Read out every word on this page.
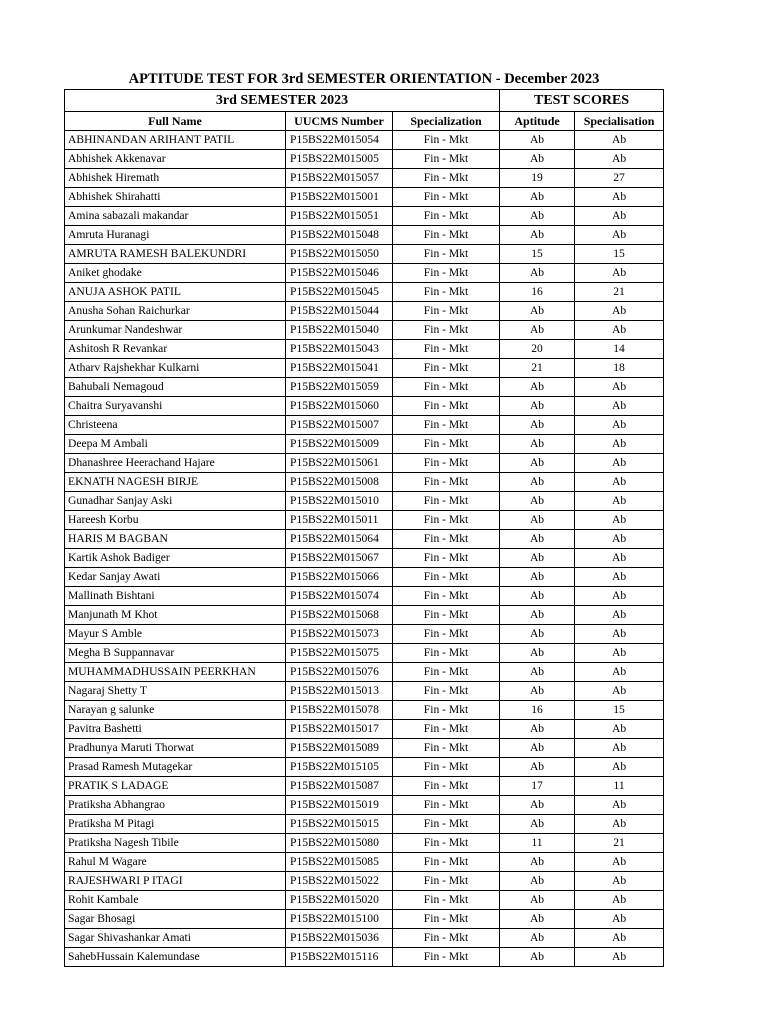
APTITUDE TEST FOR 3rd SEMESTER ORIENTATION - December 2023
3rd SEMESTER 2023			TEST SCORES	
Full Name	UUCMS Number	Specialization	Aptitude	Specialisation
ABHINANDAN ARIHANT PATIL	P15BS22M015054	Fin - Mkt	Ab	Ab
Abhishek Akkenavar	P15BS22M015005	Fin - Mkt	Ab	Ab
Abhishek Hiremath	P15BS22M015057	Fin - Mkt	19	27
Abhishek Shirahatti	P15BS22M015001	Fin - Mkt	Ab	Ab
Amina sabazali makandar	P15BS22M015051	Fin - Mkt	Ab	Ab
Amruta Huranagi	P15BS22M015048	Fin - Mkt	Ab	Ab
AMRUTA RAMESH BALEKUNDRI	P15BS22M015050	Fin - Mkt	15	15
Aniket ghodake	P15BS22M015046	Fin - Mkt	Ab	Ab
ANUJA ASHOK PATIL	P15BS22M015045	Fin - Mkt	16	21
Anusha Sohan Raichurkar	P15BS22M015044	Fin - Mkt	Ab	Ab
Arunkumar Nandeshwar	P15BS22M015040	Fin - Mkt	Ab	Ab
Ashitosh R Revankar	P15BS22M015043	Fin - Mkt	20	14
Atharv Rajshekhar Kulkarni	P15BS22M015041	Fin - Mkt	21	18
Bahubali Nemagoud	P15BS22M015059	Fin - Mkt	Ab	Ab
Chaitra Suryavanshi	P15BS22M015060	Fin - Mkt	Ab	Ab
Christeena	P15BS22M015007	Fin - Mkt	Ab	Ab
Deepa M Ambali	P15BS22M015009	Fin - Mkt	Ab	Ab
Dhanashree Heerachand Hajare	P15BS22M015061	Fin - Mkt	Ab	Ab
EKNATH NAGESH BIRJE	P15BS22M015008	Fin - Mkt	Ab	Ab
Gunadhar Sanjay Aski	P15BS22M015010	Fin - Mkt	Ab	Ab
Hareesh Korbu	P15BS22M015011	Fin - Mkt	Ab	Ab
HARIS M BAGBAN	P15BS22M015064	Fin - Mkt	Ab	Ab
Kartik Ashok Badiger	P15BS22M015067	Fin - Mkt	Ab	Ab
Kedar Sanjay Awati	P15BS22M015066	Fin - Mkt	Ab	Ab
Mallinath Bishtani	P15BS22M015074	Fin - Mkt	Ab	Ab
Manjunath M Khot	P15BS22M015068	Fin - Mkt	Ab	Ab
Mayur S Amble	P15BS22M015073	Fin - Mkt	Ab	Ab
Megha B Suppannavar	P15BS22M015075	Fin - Mkt	Ab	Ab
MUHAMMADHUSSAIN PEERKHAN	P15BS22M015076	Fin - Mkt	Ab	Ab
Nagaraj Shetty T	P15BS22M015013	Fin - Mkt	Ab	Ab
Narayan g salunke	P15BS22M015078	Fin - Mkt	16	15
Pavitra Bashetti	P15BS22M015017	Fin - Mkt	Ab	Ab
Pradhunya Maruti Thorwat	P15BS22M015089	Fin - Mkt	Ab	Ab
Prasad Ramesh Mutagekar	P15BS22M015105	Fin - Mkt	Ab	Ab
PRATIK S LADAGE	P15BS22M015087	Fin - Mkt	17	11
Pratiksha Abhangrao	P15BS22M015019	Fin - Mkt	Ab	Ab
Pratiksha M Pitagi	P15BS22M015015	Fin - Mkt	Ab	Ab
Pratiksha Nagesh Tibile	P15BS22M015080	Fin - Mkt	11	21
Rahul M Wagare	P15BS22M015085	Fin - Mkt	Ab	Ab
RAJESHWARI P ITAGI	P15BS22M015022	Fin - Mkt	Ab	Ab
Rohit Kambale	P15BS22M015020	Fin - Mkt	Ab	Ab
Sagar Bhosagi	P15BS22M015100	Fin - Mkt	Ab	Ab
Sagar Shivashankar Amati	P15BS22M015036	Fin - Mkt	Ab	Ab
SahebHussain Kalemundase	P15BS22M015116	Fin - Mkt	Ab	Ab
